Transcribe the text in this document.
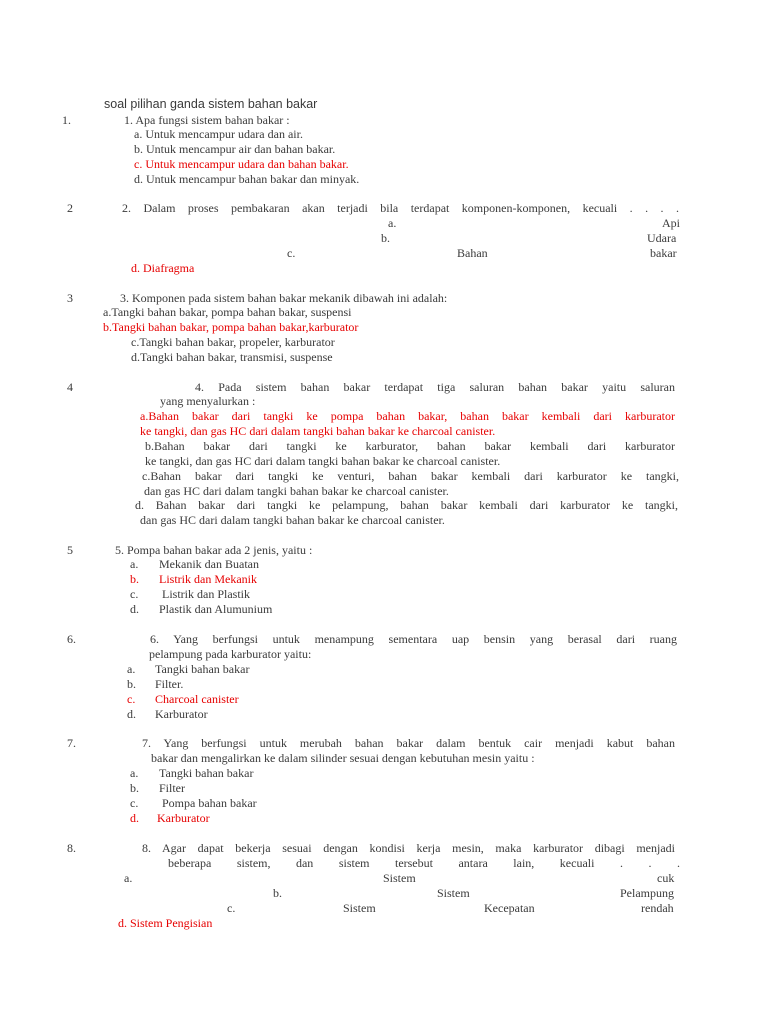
soal pilihan ganda sistem bahan bakar
1.	1. Apa fungsi sistem bahan bakar :
a. Untuk mencampur udara dan air.
b. Untuk mencampur air dan bahan bakar.
c. Untuk mencampur udara dan bahan bakar.
d. Untuk mencampur bahan bakar dan minyak.
2	2. Dalam proses pembakaran akan terjadi bila terdapat komponen-komponen, kecuali . . . .
a.	Api
b.	Udara
c.	Bahan	bakar
d. Diafragma
3	3. Komponen pada sistem bahan bakar mekanik dibawah ini adalah:
a.Tangki bahan bakar, pompa bahan bakar, suspensi
b.Tangki bahan bakar, pompa bahan bakar,karburator
c.Tangki bahan bakar, propeler, karburator
d.Tangki bahan bakar, transmisi, suspense
4	4. Pada sistem bahan bakar terdapat tiga saluran bahan bakar yaitu saluran
yang menyalurkan :
a.Bahan bakar dari tangki ke pompa bahan bakar, bahan bakar kembali dari karburator
ke tangki, dan gas HC dari dalam tangki bahan bakar ke charcoal canister.
b.Bahan bakar dari tangki ke karburator, bahan bakar kembali dari karburator
ke tangki, dan gas HC dari dalam tangki bahan bakar ke charcoal canister.
c.Bahan bakar dari tangki ke venturi, bahan bakar kembali dari karburator ke tangki,
dan gas HC dari dalam tangki bahan bakar ke charcoal canister.
d. Bahan bakar dari tangki ke pelampung, bahan bakar kembali dari karburator ke tangki,
dan gas HC dari dalam tangki bahan bakar ke charcoal canister.
5	5. Pompa bahan bakar ada 2 jenis, yaitu :
a. Mekanik dan Buatan
b. Listrik dan Mekanik
c. Listrik dan Plastik
d. Plastik dan Alumunium
6.	6. Yang berfungsi untuk menampung sementara uap bensin yang berasal dari ruang
pelampung pada karburator yaitu:
a. Tangki bahan bakar
b. Filter.
c. Charcoal canister
d. Karburator
7.	7. Yang berfungsi untuk merubah bahan bakar dalam bentuk cair menjadi kabut bahan
bakar dan mengalirkan ke dalam silinder sesuai dengan kebutuhan mesin yaitu :
a. Tangki bahan bakar
b. Filter
c. Pompa bahan bakar
d. Karburator
8.	8. Agar dapat bekerja sesuai dengan kondisi kerja mesin, maka karburator dibagi menjadi
beberapa sistem, dan sistem tersebut antara lain, kecuali . . .
a.	Sistem	cuk
b.	Sistem	Pelampung
c.	Sistem	Kecepatan	rendah
d. Sistem Pengisian
